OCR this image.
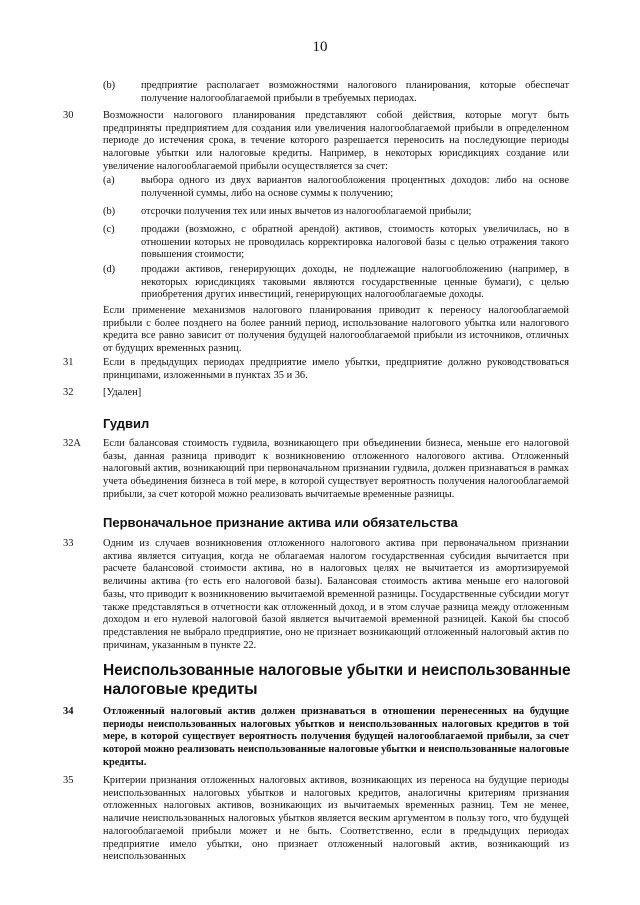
10
(b) предприятие располагает возможностями налогового планирования, которые обеспечат получение налогооблагаемой прибыли в требуемых периодах.
30	Возможности налогового планирования представляют собой действия, которые могут быть предприняты предприятием для создания или увеличения налогооблагаемой прибыли в определенном периоде до истечения срока, в течение которого разрешается переносить на последующие периоды налоговые убытки или налоговые кредиты. Например, в некоторых юрисдикциях создание или увеличение налогооблагаемой прибыли осуществляется за счет:
(a)	выбора одного из двух вариантов налогообложения процентных доходов: либо на основе полученной суммы, либо на основе суммы к получению;
(b) отсрочки получения тех или иных вычетов из налогооблагаемой прибыли;
(c)	продажи (возможно, с обратной арендой) активов, стоимость которых увеличилась, но в отношении которых не проводилась корректировка налоговой базы с целью отражения такого повышения стоимости;
(d) продажи активов, генерирующих доходы, не подлежащие налогообложению (например, в некоторых юрисдикциях таковыми являются государственные ценные бумаги), с целью приобретения других инвестиций, генерирующих налогооблагаемые доходы.
Если применение механизмов налогового планирования приводит к переносу налогооблагаемой прибыли с более позднего на более ранний период, использование налогового убытка или налогового кредита все равно зависит от получения будущей налогооблагаемой прибыли из источников, отличных от будущих временных разниц.
31	Если в предыдущих периодах предприятие имело убытки, предприятие должно руководствоваться принципами, изложенными в пунктах 35 и 36.
32	[Удален]
Гудвил
32A Если балансовая стоимость гудвила, возникающего при объединении бизнеса, меньше его налоговой базы, данная разница приводит к возникновению отложенного налогового актива. Отложенный налоговый актив, возникающий при первоначальном признании гудвила, должен признаваться в рамках учета объединения бизнеса в той мере, в которой существует вероятность получения налогооблагаемой прибыли, за счет которой можно реализовать вычитаемые временные разницы.
Первоначальное признание актива или обязательства
33	Одним из случаев возникновения отложенного налогового актива при первоначальном признании актива является ситуация, когда не облагаемая налогом государственная субсидия вычитается при расчете балансовой стоимости актива, но в налоговых целях не вычитается из амортизируемой величины актива (то есть его налоговой базы). Балансовая стоимость актива меньше его налоговой базы, что приводит к возникновению вычитаемой временной разницы. Государственные субсидии могут также представляться в отчетности как отложенный доход, и в этом случае разница между отложенным доходом и его нулевой налоговой базой является вычитаемой временной разницей. Какой бы способ представления не выбрало предприятие, оно не признает возникающий отложенный налоговый актив по причинам, указанным в пункте 22.
Неиспользованные налоговые убытки и неиспользованные налоговые кредиты
34	Отложенный налоговый актив должен признаваться в отношении перенесенных на будущие периоды неиспользованных налоговых убытков и неиспользованных налоговых кредитов в той мере, в которой существует вероятность получения будущей налогооблагаемой прибыли, за счет которой можно реализовать неиспользованные налоговые убытки и неиспользованные налоговые кредиты.
35	Критерии признания отложенных налоговых активов, возникающих из переноса на будущие периоды неиспользованных налоговых убытков и налоговых кредитов, аналогичны критериям признания отложенных налоговых активов, возникающих из вычитаемых временных разниц. Тем не менее, наличие неиспользованных налоговых убытков является веским аргументом в пользу того, что будущей налогооблагаемой прибыли может и не быть. Соответственно, если в предыдущих периодах предприятие имело убытки, оно признает отложенный налоговый актив, возникающий из неиспользованных
